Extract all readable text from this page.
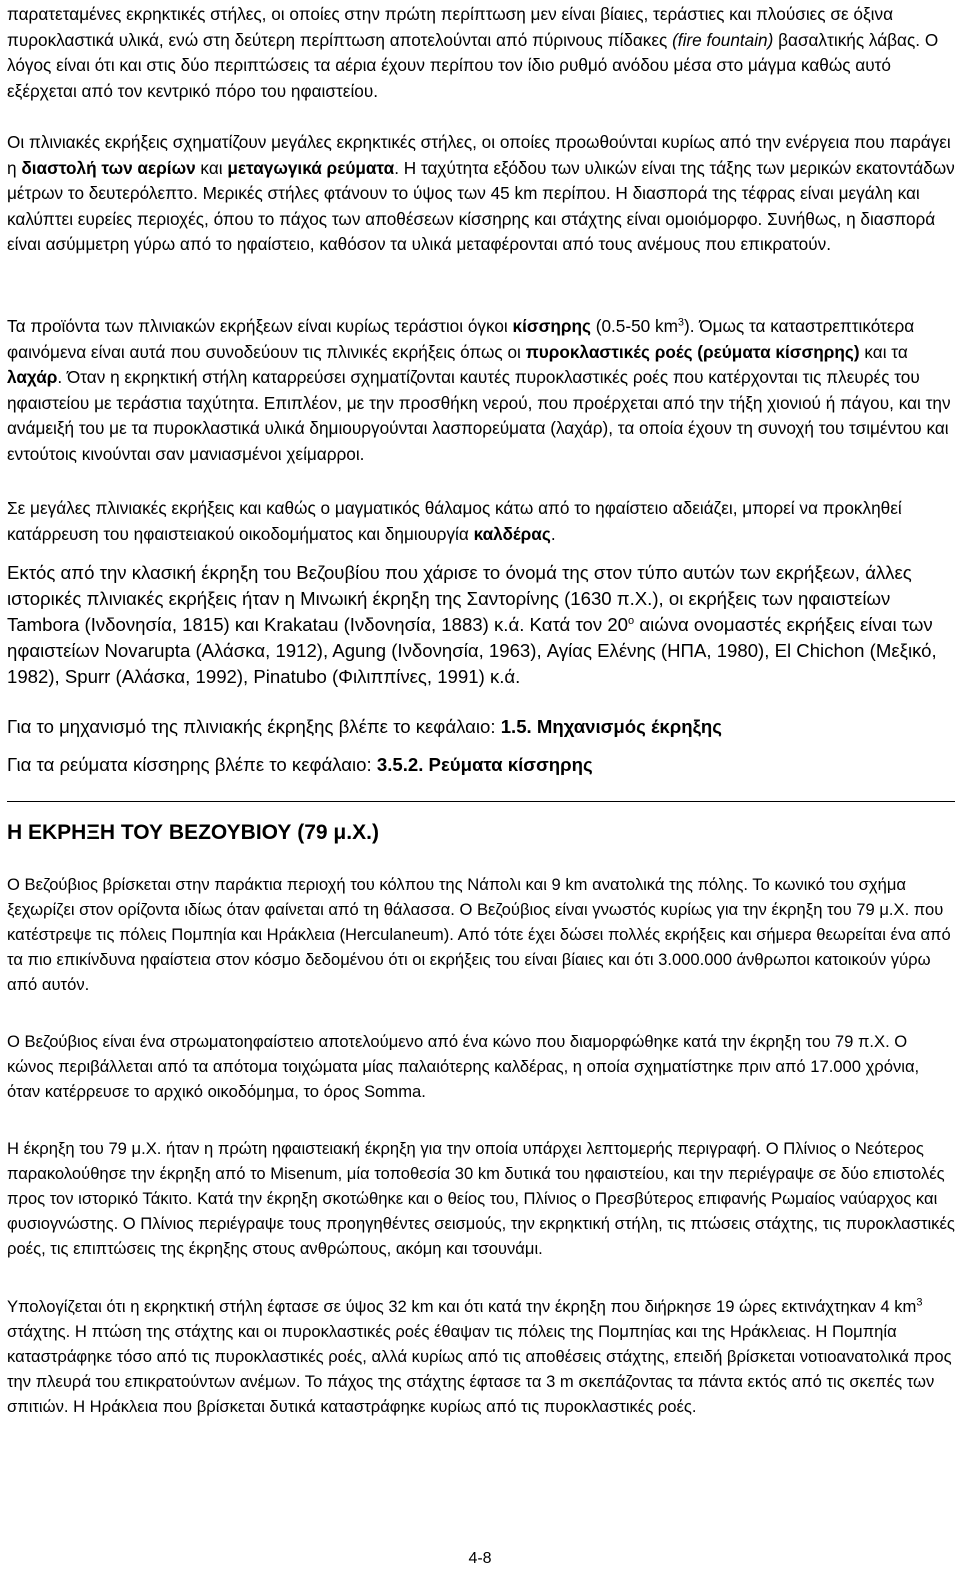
παρατεταμένες εκρηκτικές στήλες, οι οποίες στην πρώτη περίπτωση μεν είναι βίαιες, τεράστιες και πλούσιες σε όξινα πυροκλαστικά υλικά, ενώ στη δεύτερη περίπτωση αποτελούνται από πύρινους πίδακες (fire fountain) βασαλτικής λάβας. Ο λόγος είναι ότι και στις δύο περιπτώσεις τα αέρια έχουν περίπου τον ίδιο ρυθμό ανόδου μέσα στο μάγμα καθώς αυτό εξέρχεται από τον κεντρικό πόρο του ηφαιστείου.

Οι πλινιακές εκρήξεις σχηματίζουν μεγάλες εκρηκτικές στήλες, οι οποίες προωθούνται κυρίως από την ενέργεια που παράγει η διαστολή των αερίων και μεταγωγικά ρεύματα. Η ταχύτητα εξόδου των υλικών είναι της τάξης των μερικών εκατοντάδων μέτρων το δευτερόλεπτο. Μερικές στήλες φτάνουν το ύψος των 45 km περίπου. Η διασπορά της τέφρας είναι μεγάλη και καλύπτει ευρείες περιοχές, όπου το πάχος των αποθέσεων κίσσηρης και στάχτης είναι ομοιόμορφο. Συνήθως, η διασπορά είναι ασύμμετρη γύρω από το ηφαίστειο, καθόσον τα υλικά μεταφέρονται από τους ανέμους που επικρατούν.

Τα προϊόντα των πλινιακών εκρήξεων είναι κυρίως τεράστιοι όγκοι κίσσηρης (0.5-50 $km^3$). Όμως τα καταστρεπτικότερα φαινόμενα είναι αυτά που συνοδεύουν τις πλινικές εκρήξεις όπως οι πυροκλαστικές ροές (ρεύματα κίσσηρης) και τα λαχάρ. Όταν η εκρηκτική στήλη καταρρεύσει σχηματίζονται καυτές πυροκλαστικές ροές που κατέρχονται τις πλευρές του ηφαιστείου με τεράστια ταχύτητα. Επιπλέον, με την προσθήκη νερού, που προέρχεται από την τήξη χιονιού ή πάγου, και την ανάμειξή του με τα πυροκλαστικά υλικά δημιουργούνται λασπορεύματα (λαχάρ), τα οποία έχουν τη συνοχή του τσιμέντου και εντούτοις κινούνται σαν μανιασμένοι χείμαρροι.

Σε μεγάλες πλινιακές εκρήξεις και καθώς ο μαγματικός θάλαμος κάτω από το ηφαίστειο αδειάζει, μπορεί να προκληθεί κατάρρευση του ηφαιστειακού οικοδομήματος και δημιουργία καλδέρας.

Εκτός από την κλασική έκρηξη του Βεζουβίου που χάρισε το όνομά της στον τύπο αυτών των εκρήξεων, άλλες ιστορικές πλινιακές εκρήξεις ήταν η Μινωική έκρηξη της Σαντορίνης (1630 π.Χ.), οι εκρήξεις των ηφαιστείων Tambora (Ινδονησία, 1815) και Krakatau (Ινδονησία, 1883) κ.ά. Κατά τον $20^o$ αιώνα ονομαστές εκρήξεις είναι των ηφαιστείων Novarupta (Αλάσκα, 1912), Agung (Ινδονησία, 1963), Αγίας Ελένης (ΗΠΑ, 1980), El Chichon (Μεξικό, 1982), Spurr (Αλάσκα, 1992), Pinatubo (Φιλιππίνες, 1991) κ.ά.

Για το μηχανισμό της πλινιακής έκρηξης βλέπε το κεφάλαιο: 1.5. Μηχανισμός έκρηξης

Για τα ρεύματα κίσσηρης βλέπε το κεφάλαιο: 3.5.2. Ρεύματα κίσσηρης

Η ΕΚΡΗΞΗ ΤΟΥ ΒΕΖΟΥΒΙΟΥ (79 μ.Χ.)

Ο Βεζούβιος βρίσκεται στην παράκτια περιοχή του κόλπου της Νάπολι και 9 km ανατολικά της πόλης. Το κωνικό του σχήμα ξεχωρίζει στον ορίζοντα ιδίως όταν φαίνεται από τη θάλασσα. Ο Βεζούβιος είναι γνωστός κυρίως για την έκρηξη του 79 μ.Χ. που κατέστρεψε τις πόλεις Πομπηία και Ηράκλεια (Herculaneum). Από τότε έχει δώσει πολλές εκρήξεις και σήμερα θεωρείται ένα από τα πιο επικίνδυνα ηφαίστεια στον κόσμο δεδομένου ότι οι εκρήξεις του είναι βίαιες και ότι 3.000.000 άνθρωποι κατοικούν γύρω από αυτόν.

Ο Βεζούβιος είναι ένα στρωματοηφαίστειο αποτελούμενο από ένα κώνο που διαμορφώθηκε κατά την έκρηξη του 79 π.Χ. Ο κώνος περιβάλλεται από τα απότομα τοιχώματα μίας παλαιότερης καλδέρας, η οποία σχηματίστηκε πριν από 17.000 χρόνια, όταν κατέρρευσε το αρχικό οικοδόμημα, το όρος Somma.

Η έκρηξη του 79 μ.Χ. ήταν η πρώτη ηφαιστειακή έκρηξη για την οποία υπάρχει λεπτομερής περιγραφή. Ο Πλίνιος ο Νεότερος παρακολούθησε την έκρηξη από το Misenum, μία τοποθεσία 30 km δυτικά του ηφαιστείου, και την περιέγραψε σε δύο επιστολές προς τον ιστορικό Τάκιτο. Κατά την έκρηξη σκοτώθηκε και ο θείος του, Πλίνιος ο Πρεσβύτερος επιφανής Ρωμαίος ναύαρχος και φυσιογνώστης. Ο Πλίνιος περιέγραψε τους προηγηθέντες σεισμούς, την εκρηκτική στήλη, τις πτώσεις στάχτης, τις πυροκλαστικές ροές, τις επιπτώσεις της έκρηξης στους ανθρώπους, ακόμη και τσουνάμι.

Υπολογίζεται ότι η εκρηκτική στήλη έφτασε σε ύψος 32 km και ότι κατά την έκρηξη που διήρκησε 19 ώρες εκτινάχτηκαν 4 $km^3$ στάχτης. Η πτώση της στάχτης και οι πυροκλαστικές ροές έθαψαν τις πόλεις της Πομπηίας και της Ηράκλειας. Η Πομπηία καταστράφηκε τόσο από τις πυροκλαστικές ροές, αλλά κυρίως από τις αποθέσεις στάχτης, επειδή βρίσκεται νοτιοανατολικά προς την πλευρά του επικρατούντων ανέμων. Το πάχος της στάχτης έφτασε τα 3 m σκεπάζοντας τα πάντα εκτός από τις σκεπές των σπιτιών. Η Ηράκλεια που βρίσκεται δυτικά καταστράφηκε κυρίως από τις πυροκλαστικές ροές.

4-8
